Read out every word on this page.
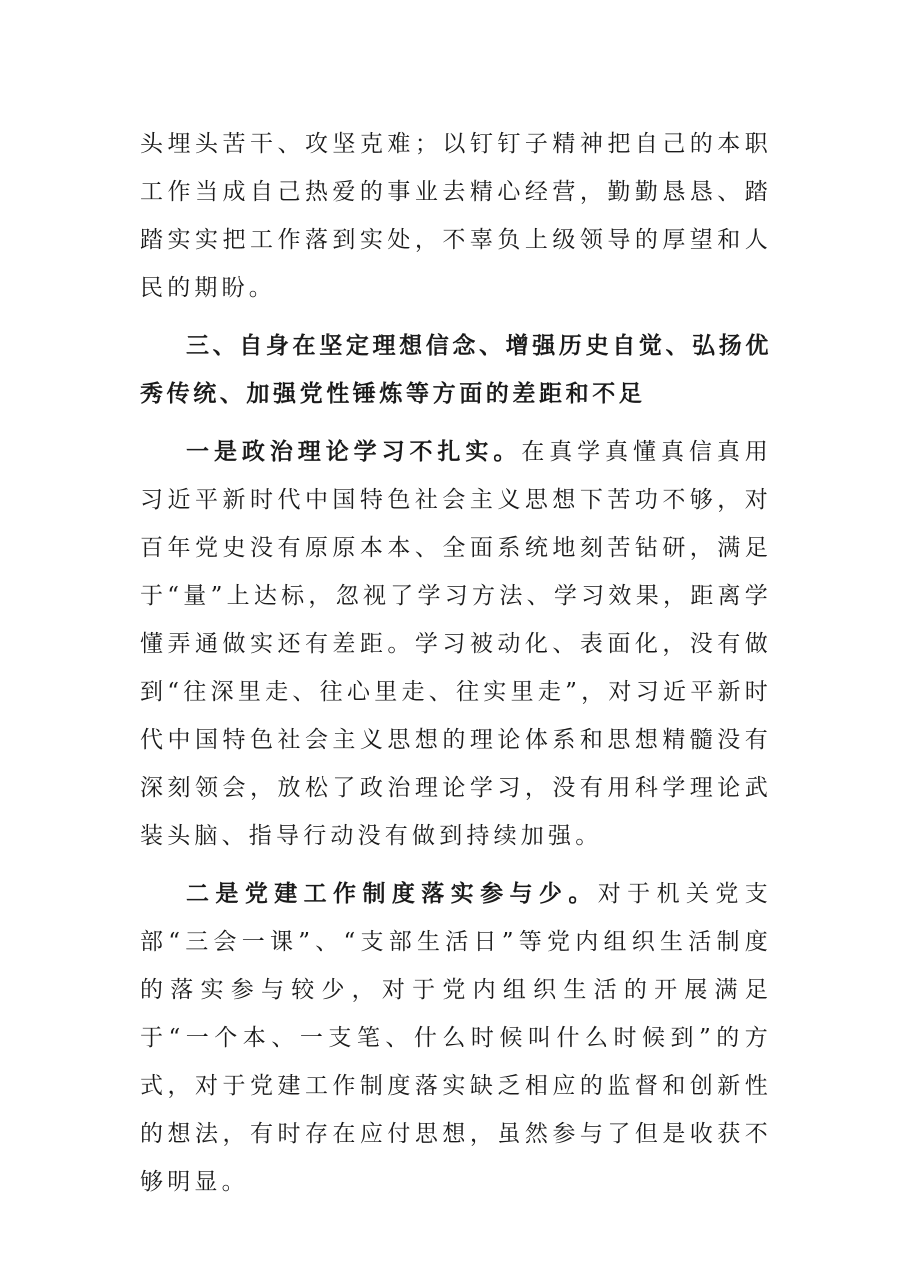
头埋头苦干、攻坚克难；以钉钉子精神把自己的本职工作当成自己热爱的事业去精心经营，勤勤恳恳、踏踏实实把工作落到实处，不辜负上级领导的厚望和人民的期盼。

三、自身在坚定理想信念、增强历史自觉、弘扬优秀传统、加强党性锤炼等方面的差距和不足

一是政治理论学习不扎实。在真学真懂真信真用习近平新时代中国特色社会主义思想下苦功不够，对百年党史没有原原本本、全面系统地刻苦钻研，满足于“量”上达标，忽视了学习方法、学习效果，距离学懂弄通做实还有差距。学习被动化、表面化，没有做到“往深里走、往心里走、往实里走”，对习近平新时代中国特色社会主义思想的理论体系和思想精髓没有深刻领会，放松了政治理论学习，没有用科学理论武装头脑、指导行动没有做到持续加强。

二是党建工作制度落实参与少。对于机关党支部“三会一课”、“支部生活日”等党内组织生活制度的落实参与较少，对于党内组织生活的开展满足于“一个本、一支笔、什么时候叫什么时候到”的方式，对于党建工作制度落实缺乏相应的监督和创新性的想法，有时存在应付思想，虽然参与了但是收获不够明显。
